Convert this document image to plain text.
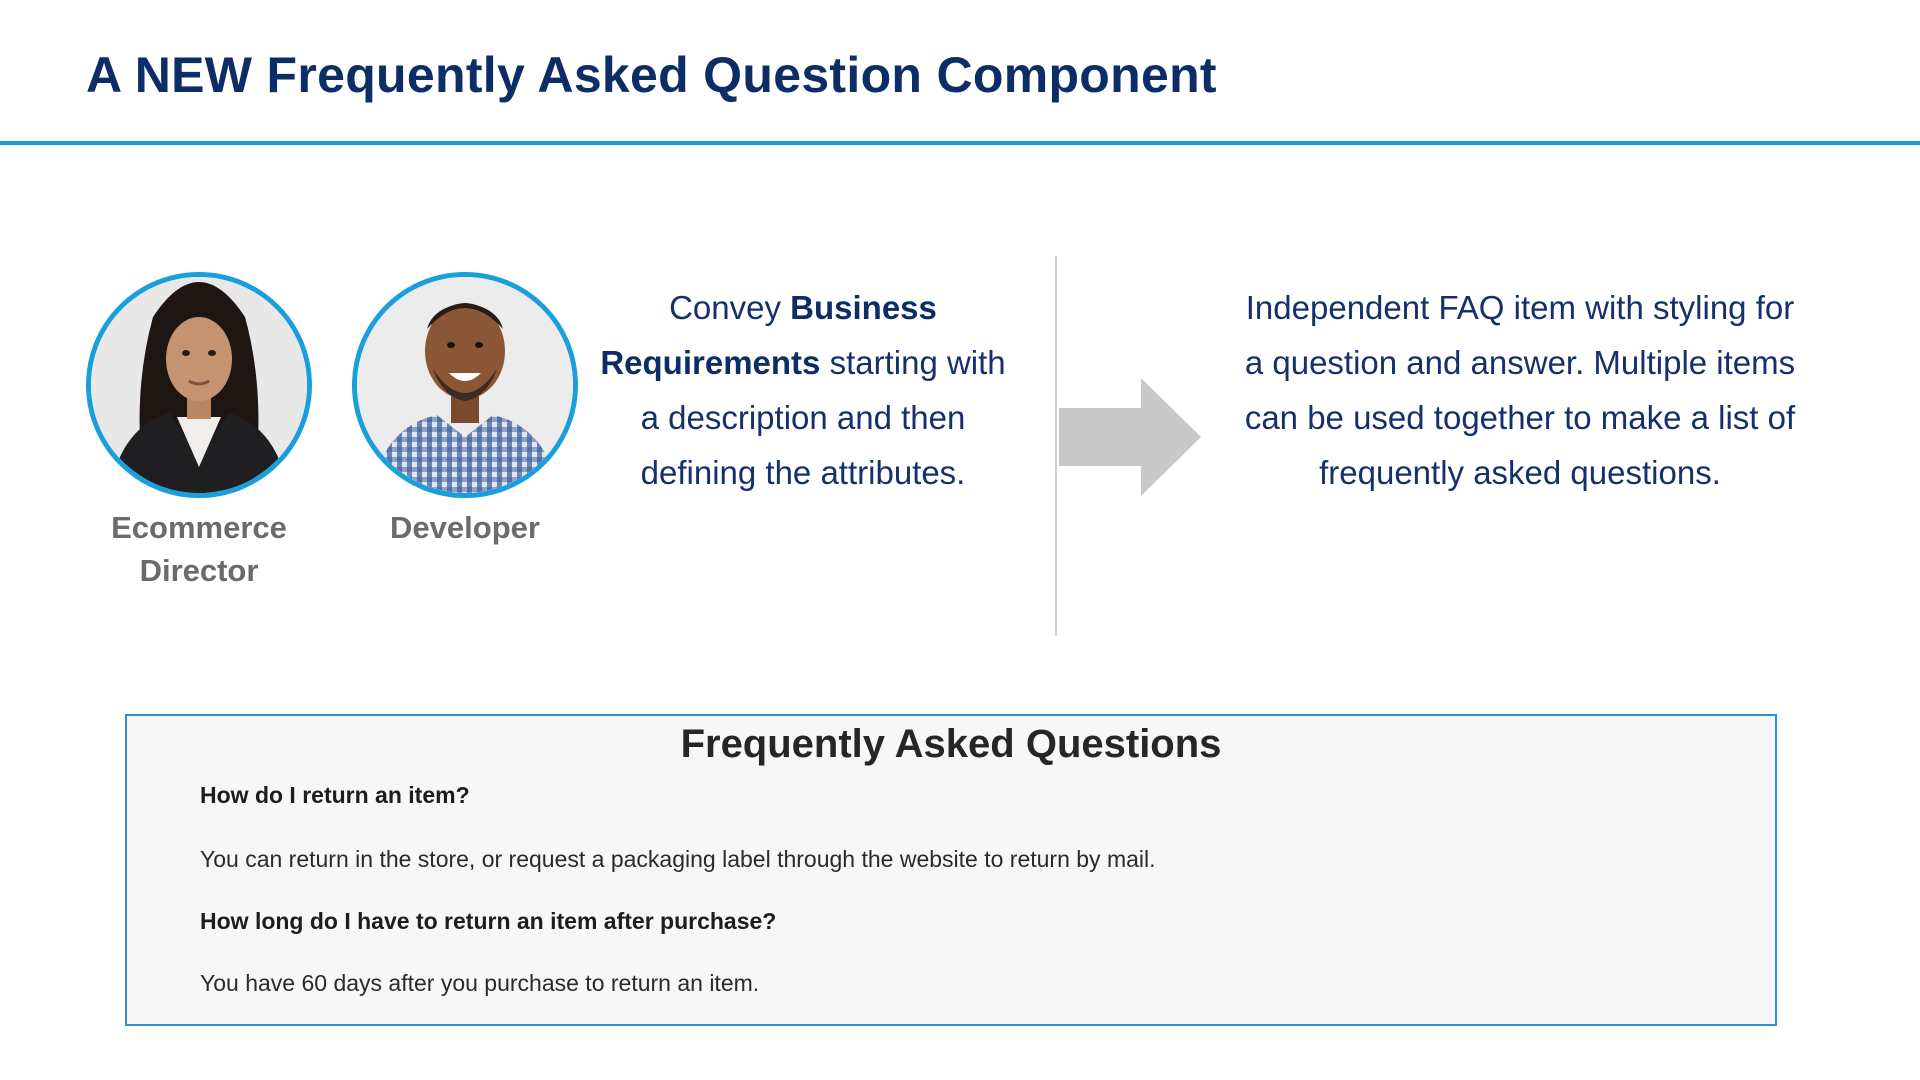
A NEW Frequently Asked Question Component
Ecommerce
Director
Developer
Convey Business Requirements starting with a description and then defining the attributes.
Independent FAQ item with styling for a question and answer. Multiple items can be used together to make a list of frequently asked questions.
Frequently Asked Questions
How do I return an item?
You can return in the store, or request a packaging label through the website to return by mail.
How long do I have to return an item after purchase?
You have 60 days after you purchase to return an item.
